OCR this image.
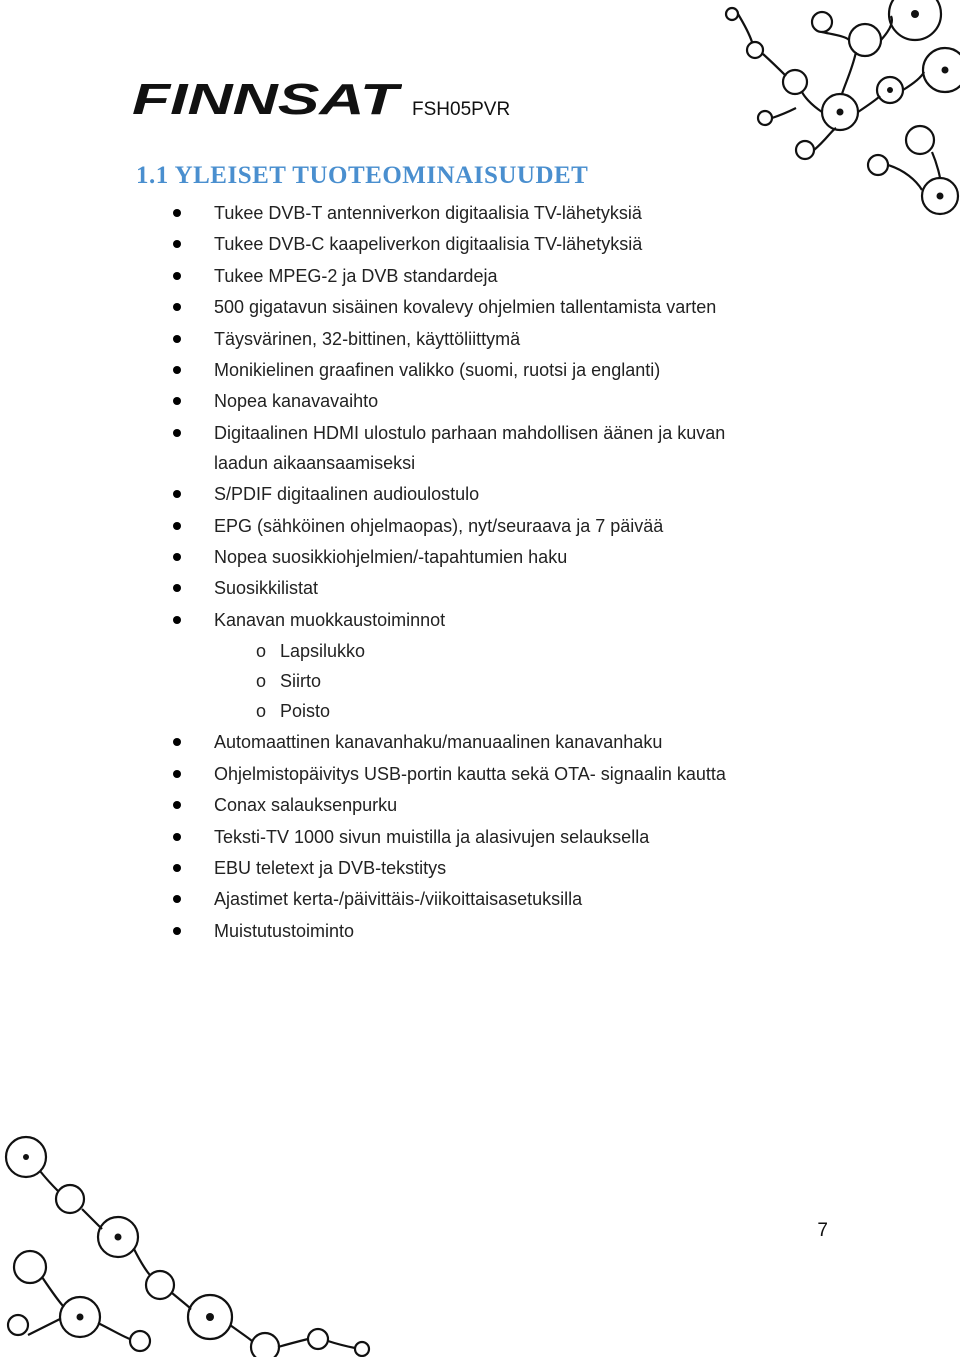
FINNSAT FSH05PVR
1.1 YLEISET TUOTEOMINAISUUDET
Tukee DVB-T antenniverkon digitaalisia TV-lähetyksiä
Tukee DVB-C kaapeliverkon digitaalisia TV-lähetyksiä
Tukee MPEG-2 ja DVB standardeja
500 gigatavun sisäinen kovalevy ohjelmien tallentamista varten
Täysvärinen, 32-bittinen, käyttöliittymä
Monikielinen graafinen valikko (suomi, ruotsi ja englanti)
Nopea kanavavaihto
Digitaalinen HDMI ulostulo parhaan mahdollisen äänen ja kuvan laadun aikaansaamiseksi
S/PDIF digitaalinen audioulostulo
EPG (sähköinen ohjelmaopas), nyt/seuraava ja 7 päivää
Nopea suosikkiohjelmien/-tapahtumien haku
Suosikkilistat
Kanavan muokkaustoiminnot
o Lapsilukko
o Siirto
o Poisto
Automaattinen kanavanhaku/manuaalinen kanavanhaku
Ohjelmistopäivitys USB-portin kautta sekä OTA- signaalin kautta
Conax salauksenpurku
Teksti-TV 1000 sivun muistilla ja alasivujen selauksella
EBU teletext ja DVB-tekstitys
Ajastimet kerta-/päivittäis-/viikoittaisasetuksilla
Muistutustoiminto
7
